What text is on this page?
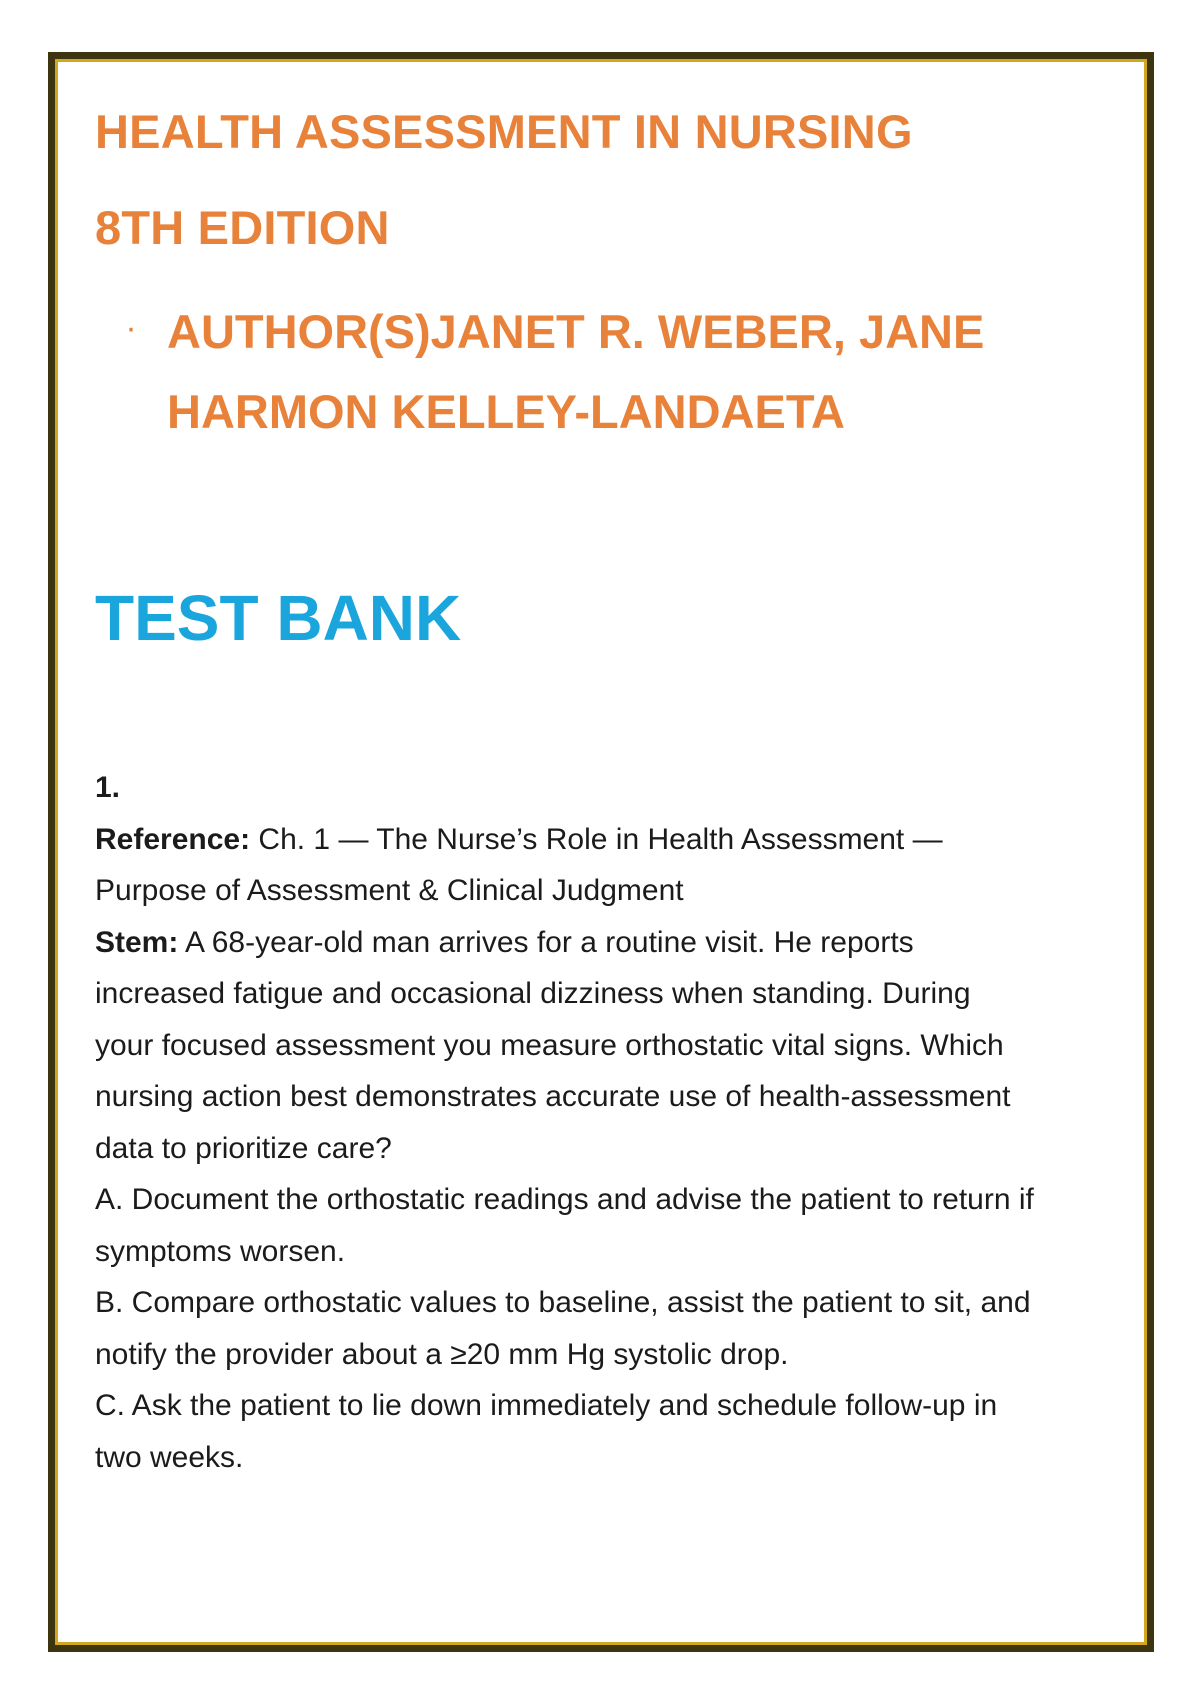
HEALTH ASSESSMENT IN NURSING
8TH EDITION
· AUTHOR(S)JANET R. WEBER, JANE HARMON KELLEY-LANDAETA

TEST BANK

1.

Reference: Ch. 1 — The Nurse’s Role in Health Assessment — Purpose of Assessment & Clinical Judgment

Stem: A 68-year-old man arrives for a routine visit. He reports increased fatigue and occasional dizziness when standing. During your focused assessment you measure orthostatic vital signs. Which nursing action best demonstrates accurate use of health-assessment data to prioritize care?

A. Document the orthostatic readings and advise the patient to return if symptoms worsen.

B. Compare orthostatic values to baseline, assist the patient to sit, and notify the provider about a ≥20 mm Hg systolic drop.

C. Ask the patient to lie down immediately and schedule follow-up in two weeks.
